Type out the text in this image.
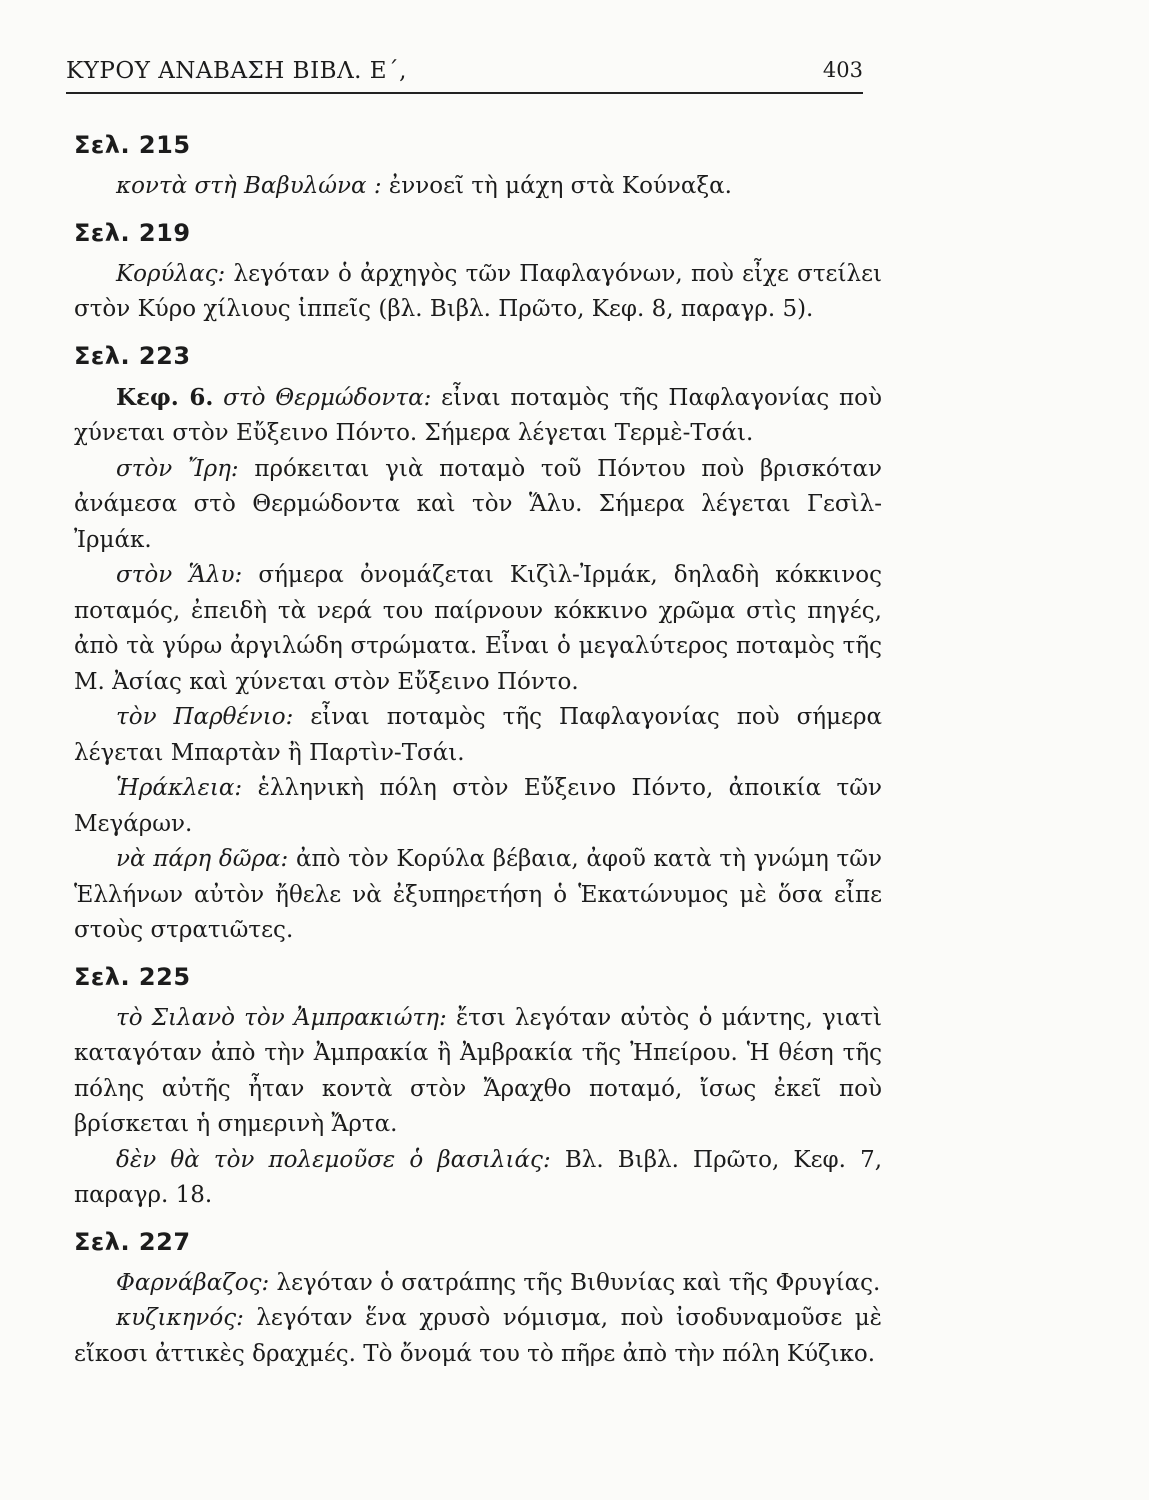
ΚΥΡΟΥ ΑΝΑΒΑΣΗ ΒΙΒΛ. Ε΄,	403
Σελ. 215

κοντὰ στὴ Βαβυλώνα : ἐννοεῖ τὴ μάχη στὰ Κούναξα.

Σελ. 219

Κορύλας: λεγόταν ὁ ἀρχηγὸς τῶν Παφλαγόνων, ποὺ εἶχε στείλει στὸν Κύρο χίλιους ἱππεῖς (βλ. Βιβλ. Πρῶτο, Κεφ. 8, παραγρ. 5).

Σελ. 223

Κεφ. 6. στὸ Θερμώδοντα: εἶναι ποταμὸς τῆς Παφλαγονίας ποὺ χύνεται στὸν Εὔξεινο Πόντο. Σήμερα λέγεται Τερμὲ-Τσάι.

στὸν Ἴρη: πρόκειται γιὰ ποταμὸ τοῦ Πόντου ποὺ βρισκόταν ἀνάμεσα στὸ Θερμώδοντα καὶ τὸν Ἅλυ. Σήμερα λέγεται Γεσὶλ-Ἰρμάκ.

στὸν Ἅλυ: σήμερα ὀνομάζεται Κιζὶλ-Ἰρμάκ, δηλαδὴ κόκκινος ποταμός, ἐπειδὴ τὰ νερά του παίρνουν κόκκινο χρῶμα στὶς πηγές, ἀπὸ τὰ γύρω ἀργιλώδη στρώματα. Εἶναι ὁ μεγαλύτερος ποταμὸς τῆς Μ. Ἀσίας καὶ χύνεται στὸν Εὔξεινο Πόντο.

τὸν Παρθένιο: εἶναι ποταμὸς τῆς Παφλαγονίας ποὺ σήμερα λέγεται Μπαρτὰν ἢ Παρτὶν-Τσάι.

Ἡράκλεια: ἑλληνικὴ πόλη στὸν Εὔξεινο Πόντο, ἀποικία τῶν Μεγάρων.

νὰ πάρη δῶρα: ἀπὸ τὸν Κορύλα βέβαια, ἀφοῦ κατὰ τὴ γνώμη τῶν Ἑλλήνων αὐτὸν ἤθελε νὰ ἐξυπηρετήση ὁ Ἑκατώνυμος μὲ ὅσα εἶπε στοὺς στρατιῶτες.

Σελ. 225

τὸ Σιλανὸ τὸν Ἀμπρακιώτη: ἔτσι λεγόταν αὐτὸς ὁ μάντης, γιατὶ καταγόταν ἀπὸ τὴν Ἀμπρακία ἢ Ἀμβρακία τῆς Ἠπείρου. Ἡ θέση τῆς πόλης αὐτῆς ἦταν κοντὰ στὸν Ἄραχθο ποταμό, ἴσως ἐκεῖ ποὺ βρίσκεται ἡ σημερινὴ Ἄρτα.

δὲν θὰ τὸν πολεμοῦσε ὁ βασιλιάς: Βλ. Βιβλ. Πρῶτο, Κεφ. 7, παραγρ. 18.

Σελ. 227

Φαρνάβαζος: λεγόταν ὁ σατράπης τῆς Βιθυνίας καὶ τῆς Φρυγίας.

κυζικηνός: λεγόταν ἕνα χρυσὸ νόμισμα, ποὺ ἰσοδυναμοῦσε μὲ εἴκοσι ἀττικὲς δραχμές. Τὸ ὄνομά του τὸ πῆρε ἀπὸ τὴν πόλη Κύζικο.
